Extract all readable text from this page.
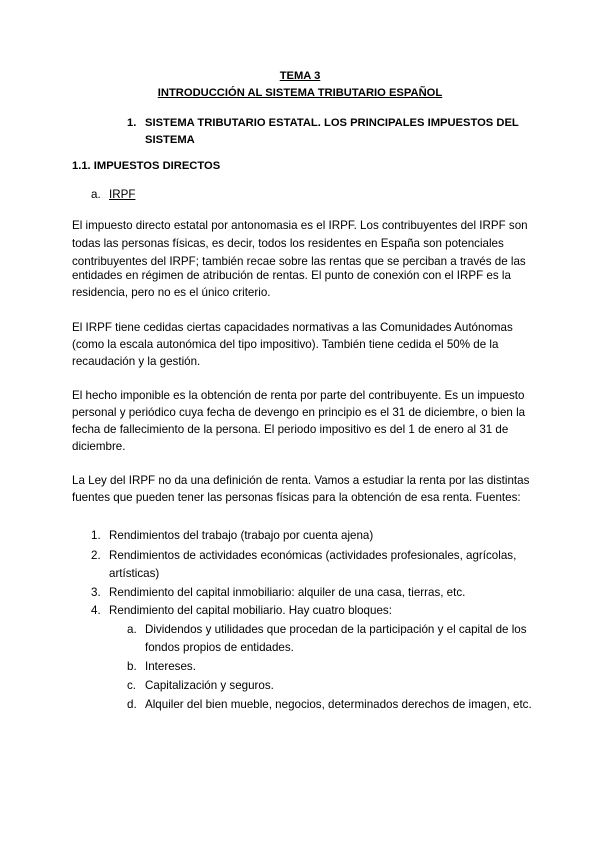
TEMA 3
INTRODUCCIÓN AL SISTEMA TRIBUTARIO ESPAÑOL
1. SISTEMA TRIBUTARIO ESTATAL. LOS PRINCIPALES IMPUESTOS DEL
SISTEMA
1.1. IMPUESTOS DIRECTOS
a. IRPF
El impuesto directo estatal por antonomasia es el IRPF. Los contribuyentes del IRPF son
todas las personas físicas, es decir, todos los residentes en España son potenciales
contribuyentes del IRPF; también recae sobre las rentas que se perciban a través de las
entidades en régimen de atribución de rentas. El punto de conexión con el IRPF es la
residencia, pero no es el único criterio.
El IRPF tiene cedidas ciertas capacidades normativas a las Comunidades Autónomas
(como la escala autonómica del tipo impositivo). También tiene cedida el 50% de la
recaudación y la gestión.
El hecho imponible es la obtención de renta por parte del contribuyente. Es un impuesto
personal y periódico cuya fecha de devengo en principio es el 31 de diciembre, o bien la
fecha de fallecimiento de la persona. El periodo impositivo es del 1 de enero al 31 de
diciembre.
La Ley del IRPF no da una definición de renta. Vamos a estudiar la renta por las distintas
fuentes que pueden tener las personas físicas para la obtención de esa renta. Fuentes:
1. Rendimientos del trabajo (trabajo por cuenta ajena)
2. Rendimientos de actividades económicas (actividades profesionales, agrícolas,
artísticas)
3. Rendimiento del capital inmobiliario: alquiler de una casa, tierras, etc.
4. Rendimiento del capital mobiliario. Hay cuatro bloques:
a. Dividendos y utilidades que procedan de la participación y el capital de los
fondos propios de entidades.
b. Intereses.
c. Capitalización y seguros.
d. Alquiler del bien mueble, negocios, determinados derechos de imagen, etc.
